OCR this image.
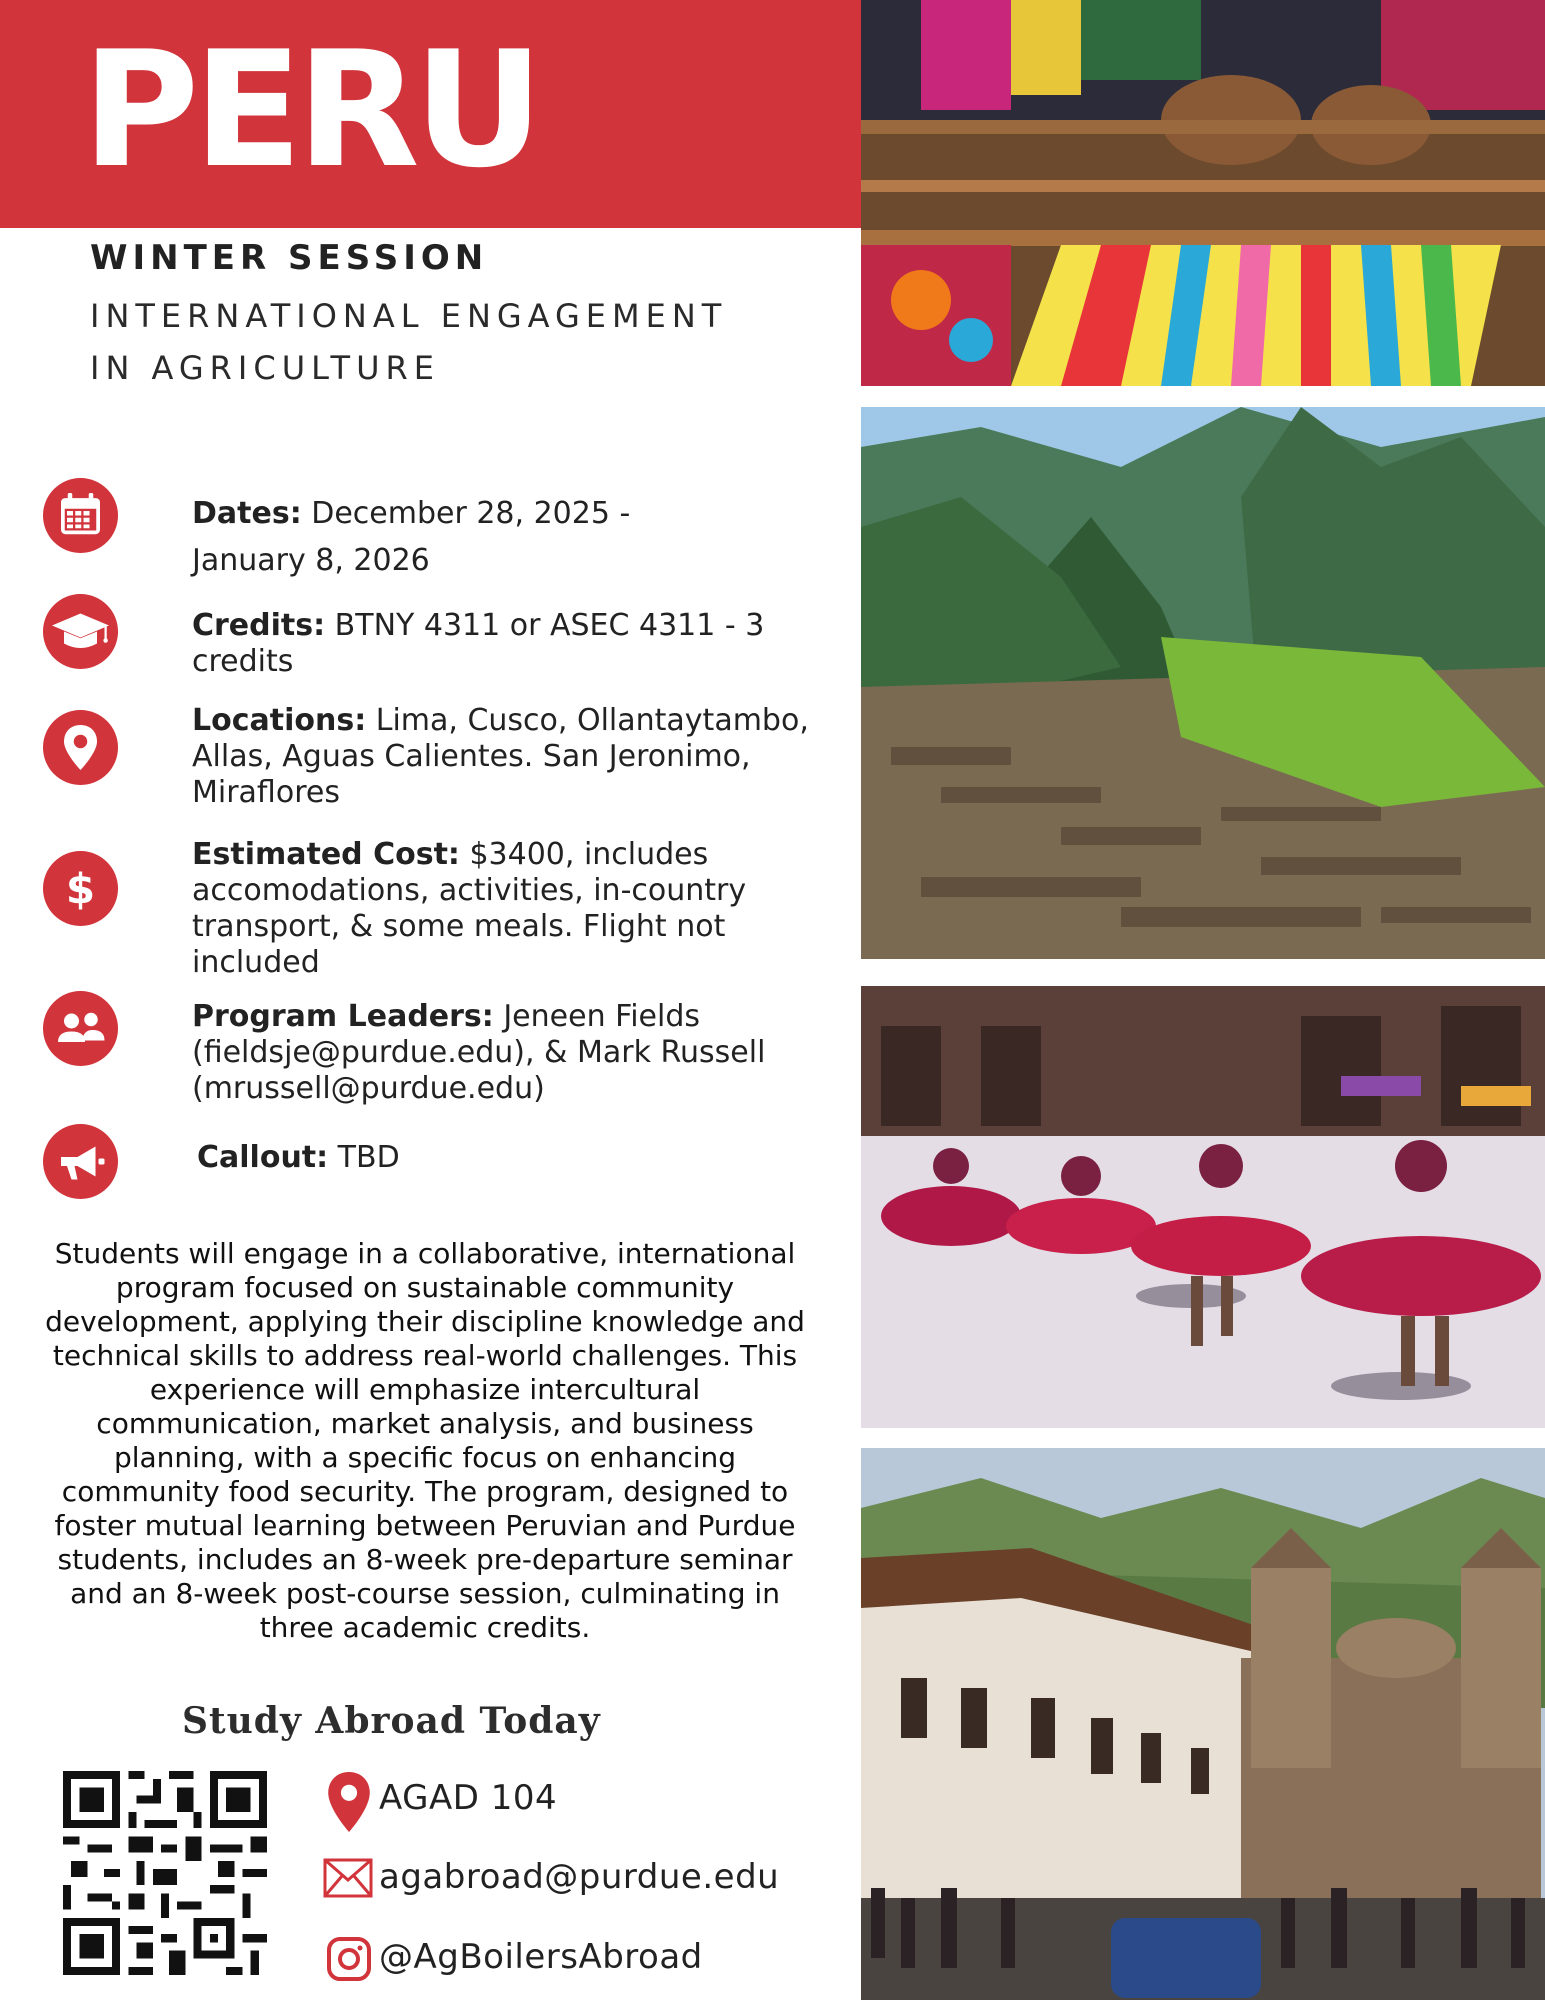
PERU
WINTER SESSION
INTERNATIONAL ENGAGEMENT
IN AGRICULTURE
Dates: December 28, 2025 -
January 8, 2026
Credits: BTNY 4311 or ASEC 4311 - 3 credits
Locations: Lima, Cusco, Ollantaytambo, Allas, Aguas Calientes. San Jeronimo, Miraflores
$
Estimated Cost: $3400, includes accomodations, activities, in-country transport, & some meals. Flight not included
Program Leaders: Jeneen Fields (fieldsje@purdue.edu), & Mark Russell (mrussell@purdue.edu)
Callout: TBD
Students will engage in a collaborative, international program focused on sustainable community development, applying their discipline knowledge and technical skills to address real-world challenges. This experience will emphasize intercultural communication, market analysis, and business planning, with a specific focus on enhancing community food security. The program, designed to foster mutual learning between Peruvian and Purdue students, includes an 8-week pre-departure seminar and an 8-week post-course session, culminating in three academic credits.
Study Abroad Today
AGAD 104
agabroad@purdue.edu
@AgBoilersAbroad
